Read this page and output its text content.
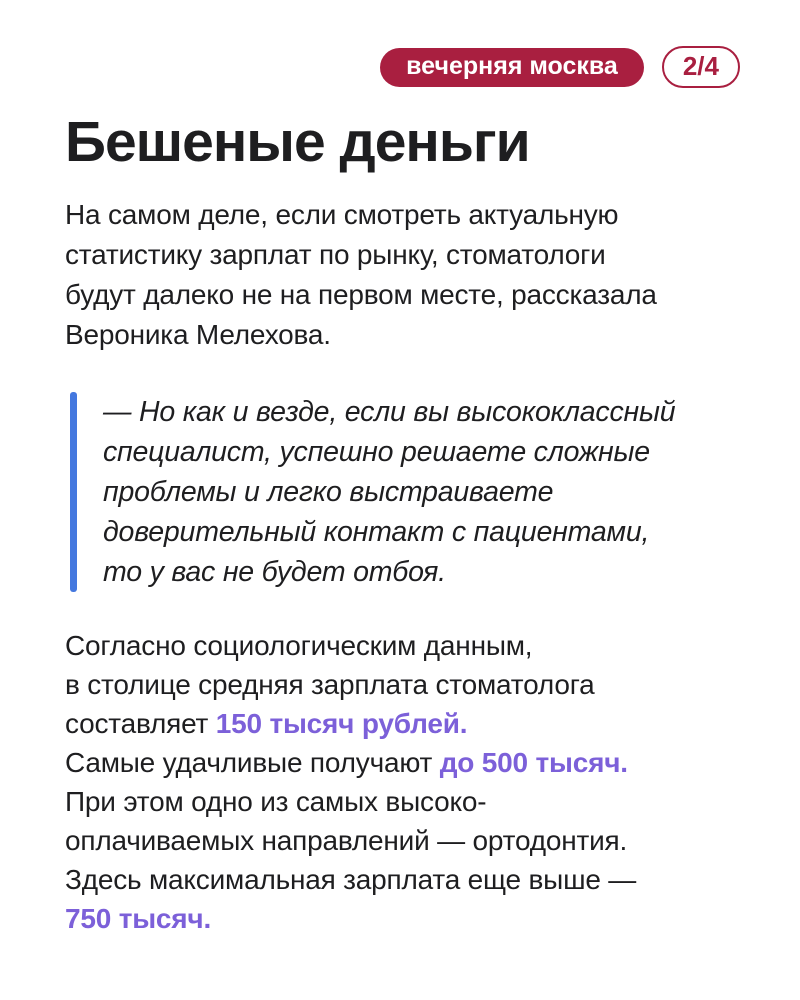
вечерняя москва	2/4
Бешеные деньги

На самом деле, если смотреть актуальную
статистику зарплат по рынку, стоматологи
будут далеко не на первом месте, рассказала
Вероника Мелехова.

— Но как и везде, если вы высококлассный
специалист, успешно решаете сложные
проблемы и легко выстраиваете
доверительный контакт с пациентами,
то у вас не будет отбоя.

Согласно социологическим данным,
в столице средняя зарплата стоматолога
составляет 150 тысяч рублей.
Самые удачливые получают до 500 тысяч.
При этом одно из самых высоко-
оплачиваемых направлений — ортодонтия.
Здесь максимальная зарплата еще выше —
750 тысяч.
